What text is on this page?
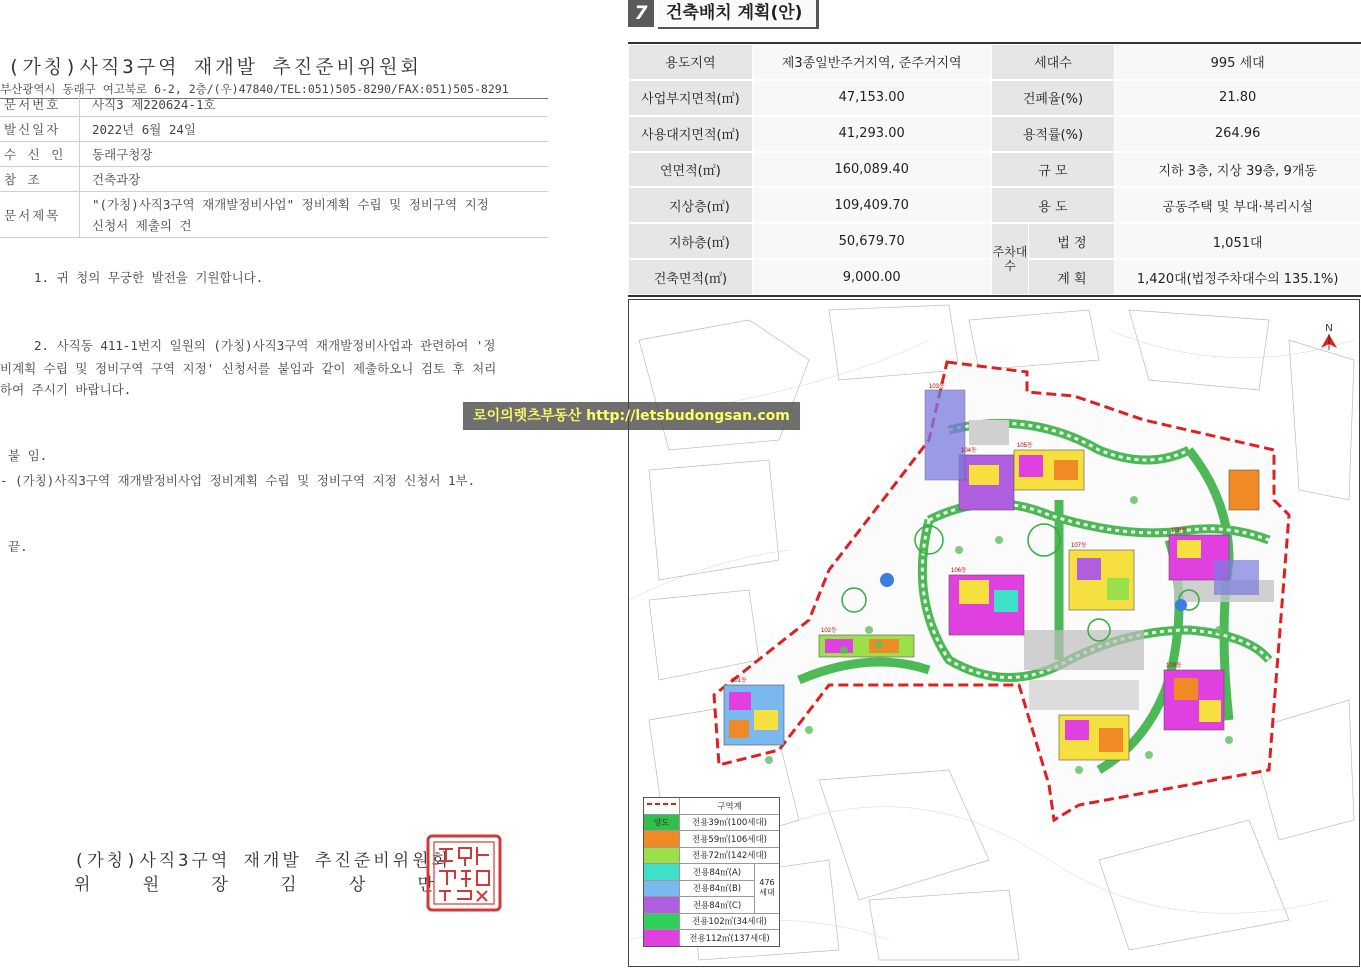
(가칭)사직3구역 재개발 추진준비위원회
부산광역시 동래구 여고북로 6-2, 2층/(우)47840/TEL:051)505-8290/FAX:051)505-8291
문서번호	사직3 제220624-1호
발신일자	2022년 6월 24일
수 신 인	동래구청장
참 조	건축과장
문서제목
"(가칭)사직3구역 재개발정비사업" 정비계획 수립 및 정비구역 지정
신청서 제출의 건
1. 귀 청의 무궁한 발전을 기원합니다.
2. 사직동 411-1번지 일원의 (가칭)사직3구역 재개발정비사업과 관련하여 '정
비계획 수립 및 정비구역 구역 지정' 신청서를 붙임과 같이 제출하오니 검토 후 처리
하여 주시기 바랍니다.
붙 임.
- (가칭)사직3구역 재개발정비사업 정비계획 수립 및 정비구역 지정 신청서 1부.
끝.
(가칭)사직3구역 재개발 추진준비위원회
위	원	장	김	상	만
7	건축배치 계획(안)
용도지역	제3종일반주거지역, 준주거지역	세대수		995 세대
사업부지면적(㎡)	47,153.00	건폐율(%)		21.80
사용대지면적(㎡)	41,293.00	용적률(%)		264.96
연면적(㎡)	160,089.40	규 모		지하 3층, 지상 39층, 9개동
지상층(㎡)	109,409.70	용 도		공동주택 및 부대·복리시설
지하층(㎡)	50,679.70	주차대수	법 정	1,051대
건축면적(㎡)	9,000.00		계 획	1,420대(법정주차대수의 135.1%)
N
101동
102동
103동
104동
105동
106동
107동
108동
109동
로이의렛츠부동산 http://letsbudongsan.com
구역계
양도	전용39㎡(100세대)
전용59㎡(106세대)
전용72㎡(142세대)
전용84㎡(A)
전용84㎡(B)
전용84㎡(C)
476 세대
전용102㎡(34세대)
전용112㎡(137세대)
